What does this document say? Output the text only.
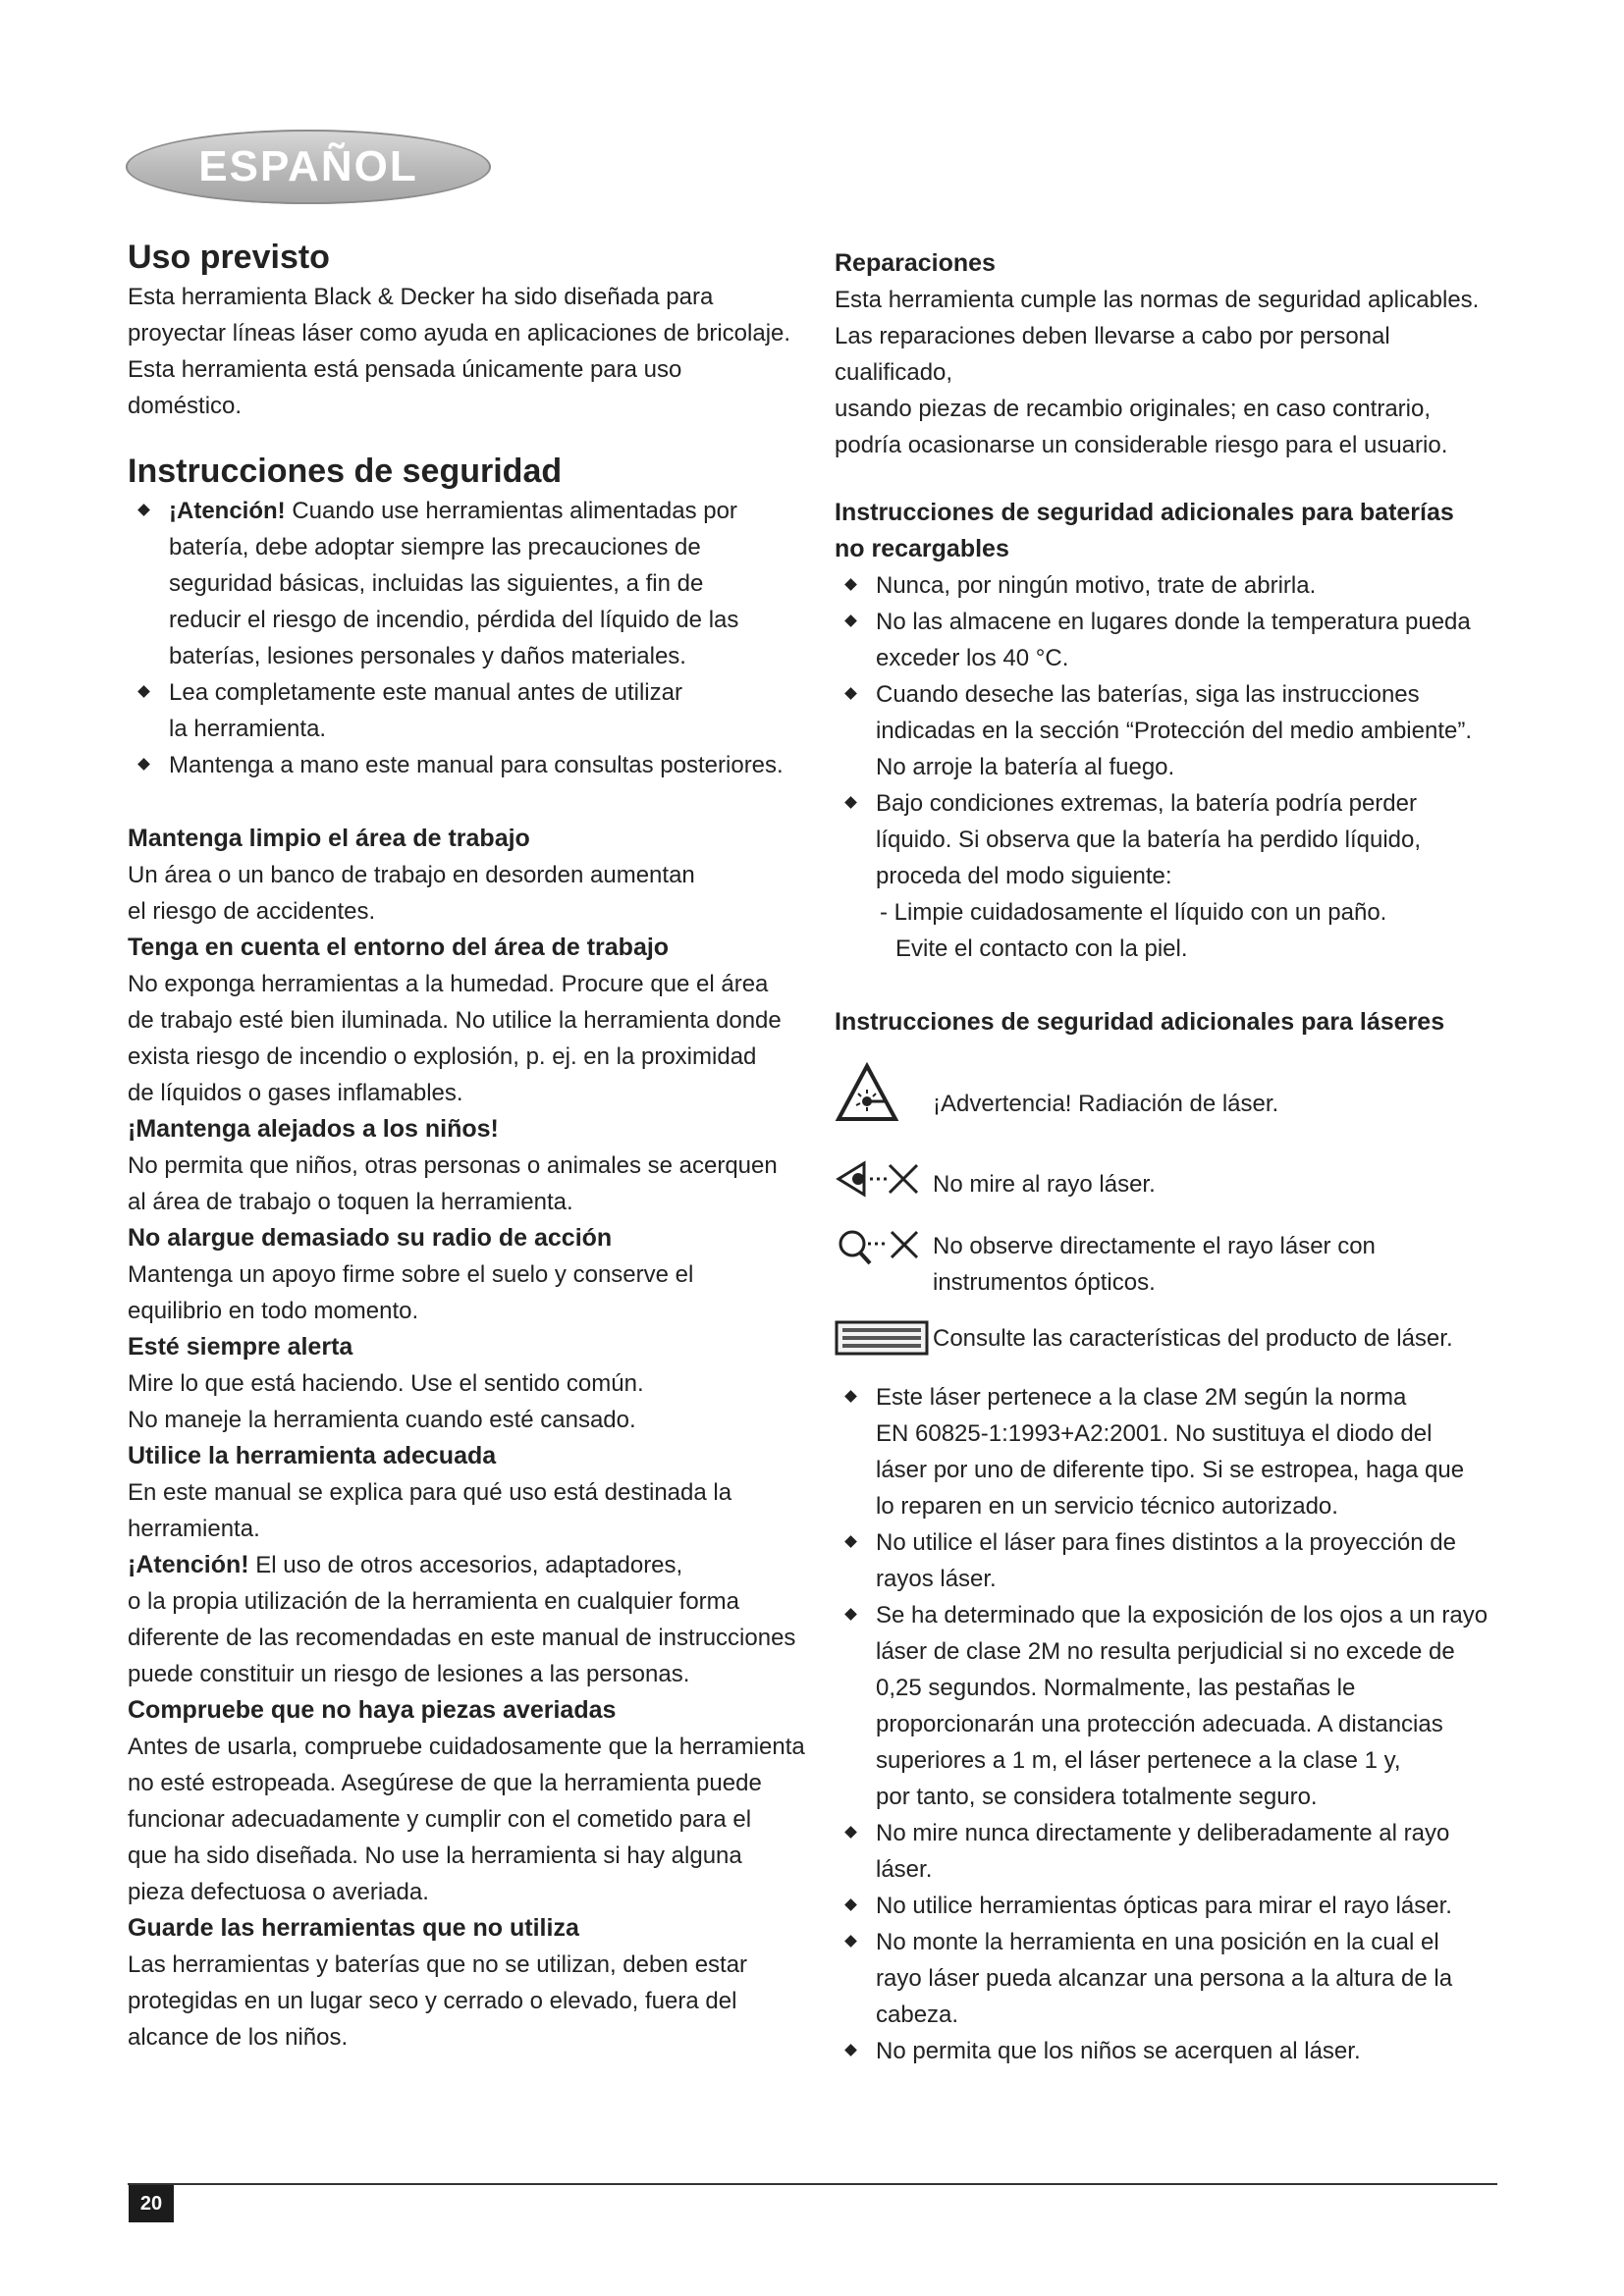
ESPAÑOL

Uso previsto

Esta herramienta Black & Decker ha sido diseñada para

proyectar líneas láser como ayuda en aplicaciones de bricolaje.

Esta herramienta está pensada únicamente para uso

doméstico.

Instrucciones de seguridad

¡Atención! Cuando use herramientas alimentadas por
batería, debe adoptar siempre las precauciones de
seguridad básicas, incluidas las siguientes, a fin de
reducir el riesgo de incendio, pérdida del líquido de las
baterías, lesiones personales y daños materiales.
Lea completamente este manual antes de utilizar
la herramienta.
Mantenga a mano este manual para consultas posteriores.

Mantenga limpio el área de trabajo

Un área o un banco de trabajo en desorden aumentan

el riesgo de accidentes.

Tenga en cuenta el entorno del área de trabajo

No exponga herramientas a la humedad. Procure que el área

de trabajo esté bien iluminada. No utilice la herramienta donde

exista riesgo de incendio o explosión, p. ej. en la proximidad

de líquidos o gases inflamables.

¡Mantenga alejados a los niños!

No permita que niños, otras personas o animales se acerquen

al área de trabajo o toquen la herramienta.

No alargue demasiado su radio de acción

Mantenga un apoyo firme sobre el suelo y conserve el

equilibrio en todo momento.

Esté siempre alerta

Mire lo que está haciendo. Use el sentido común.

No maneje la herramienta cuando esté cansado.

Utilice la herramienta adecuada

En este manual se explica para qué uso está destinada la

herramienta.

¡Atención! El uso de otros accesorios, adaptadores,

o la propia utilización de la herramienta en cualquier forma

diferente de las recomendadas en este manual de instrucciones

puede constituir un riesgo de lesiones a las personas.

Compruebe que no haya piezas averiadas

Antes de usarla, compruebe cuidadosamente que la herramienta

no esté estropeada. Asegúrese de que la herramienta puede

funcionar adecuadamente y cumplir con el cometido para el

que ha sido diseñada. No use la herramienta si hay alguna

pieza defectuosa o averiada.

Guarde las herramientas que no utiliza

Las herramientas y baterías que no se utilizan, deben estar

protegidas en un lugar seco y cerrado o elevado, fuera del

alcance de los niños.

Reparaciones

Esta herramienta cumple las normas de seguridad aplicables.

Las reparaciones deben llevarse a cabo por personal cualificado,

usando piezas de recambio originales; en caso contrario,

podría ocasionarse un considerable riesgo para el usuario.

Instrucciones de seguridad adicionales para baterías

no recargables

Nunca, por ningún motivo, trate de abrirla.
No las almacene en lugares donde la temperatura pueda
exceder los 40 °C.
Cuando deseche las baterías, siga las instrucciones
indicadas en la sección “Protección del medio ambiente”.
No arroje la batería al fuego.
Bajo condiciones extremas, la batería podría perder
líquido. Si observa que la batería ha perdido líquido,
proceda del modo siguiente:
- Limpie cuidadosamente el líquido con un paño.
Evite el contacto con la piel.

Instrucciones de seguridad adicionales para láseres

¡Advertencia! Radiación de láser.
No mire al rayo láser.
No observe directamente el rayo láser con
instrumentos ópticos.
Consulte las características del producto de láser.
Este láser pertenece a la clase 2M según la norma
EN 60825-1:1993+A2:2001. No sustituya el diodo del
láser por uno de diferente tipo. Si se estropea, haga que
lo reparen en un servicio técnico autorizado.
No utilice el láser para fines distintos a la proyección de
rayos láser.
Se ha determinado que la exposición de los ojos a un rayo
láser de clase 2M no resulta perjudicial si no excede de
0,25 segundos. Normalmente, las pestañas le
proporcionarán una protección adecuada. A distancias
superiores a 1 m, el láser pertenece a la clase 1 y,
por tanto, se considera totalmente seguro.
No mire nunca directamente y deliberadamente al rayo
láser.
No utilice herramientas ópticas para mirar el rayo láser.
No monte la herramienta en una posición en la cual el
rayo láser pueda alcanzar una persona a la altura de la
cabeza.
No permita que los niños se acerquen al láser.
20
